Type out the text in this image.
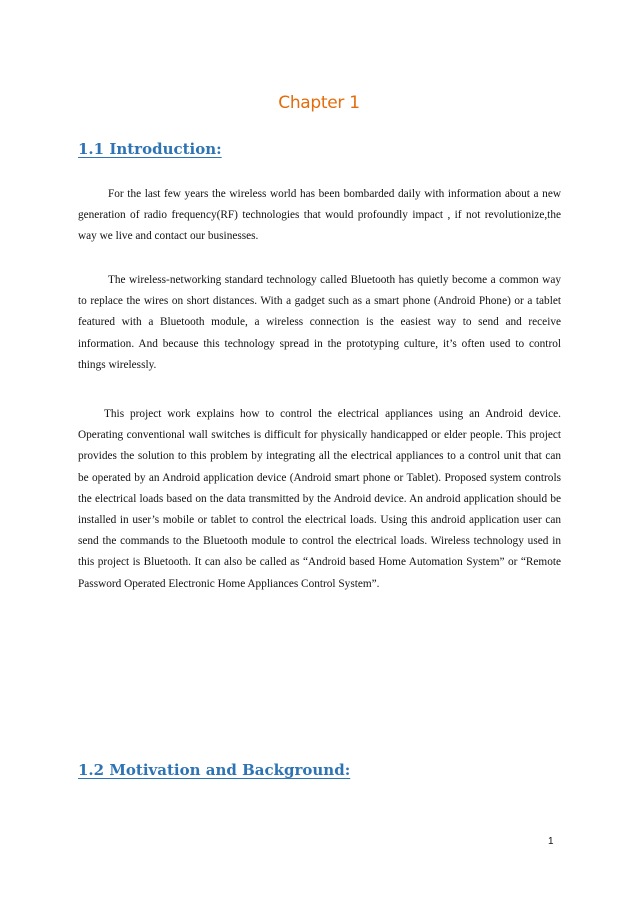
Chapter 1
1.1 Introduction:

For the last few years the wireless world has been bombarded daily with information about a new generation of radio frequency(RF) technologies that would profoundly impact , if not revolutionize,the way we live and contact our businesses.

The wireless-networking standard technology called Bluetooth has quietly become a common way to replace the wires on short distances. With a gadget such as a smart phone (Android Phone) or a tablet featured with a Bluetooth module, a wireless connection is the easiest way to send and receive information. And because this technology spread in the prototyping culture, it’s often used to control things wirelessly.

This project work explains how to control the electrical appliances using an Android device. Operating conventional wall switches is difficult for physically handicapped or elder people. This project provides the solution to this problem by integrating all the electrical appliances to a control unit that can be operated by an Android application device (Android smart phone or Tablet). Proposed system controls the electrical loads based on the data transmitted by the Android device. An android application should be installed in user’s mobile or tablet to control the electrical loads. Using this android application user can send the commands to the Bluetooth module to control the electrical loads. Wireless technology used in this project is Bluetooth. It can also be called as “Android based Home Automation System” or “Remote Password Operated Electronic Home Appliances Control System”.

1.2 Motivation and Background:
1
